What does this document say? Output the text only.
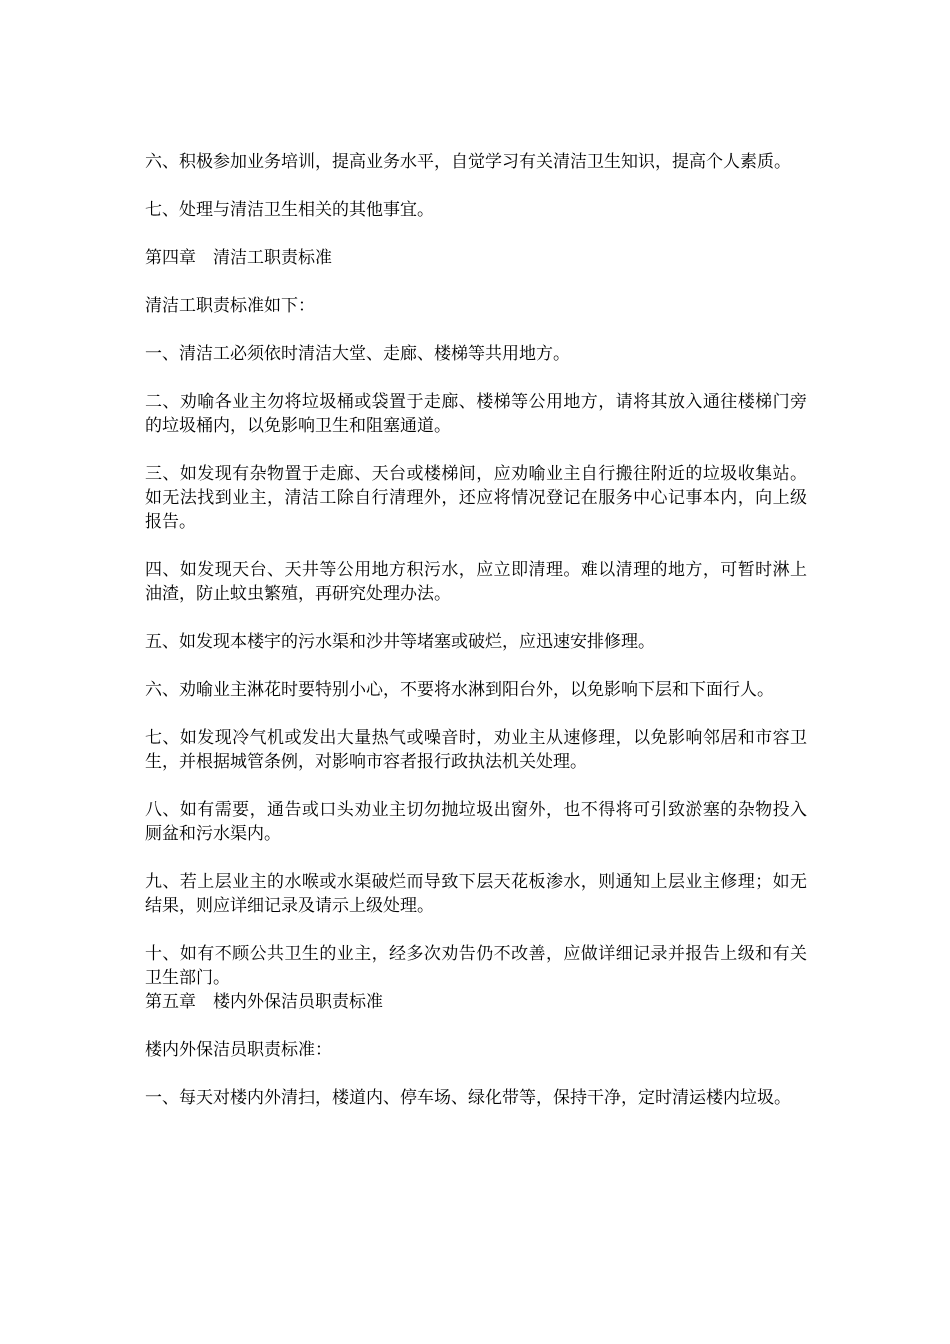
六、积极参加业务培训，提高业务水平，自觉学习有关清洁卫生知识，提高个人素质。

七、处理与清洁卫生相关的其他事宜。

第四章　清洁工职责标准

清洁工职责标准如下：

一、清洁工必须依时清洁大堂、走廊、楼梯等共用地方。

二、劝喻各业主勿将垃圾桶或袋置于走廊、楼梯等公用地方，请将其放入通往楼梯门旁的垃圾桶内，以免影响卫生和阻塞通道。

三、如发现有杂物置于走廊、天台或楼梯间，应劝喻业主自行搬往附近的垃圾收集站。如无法找到业主，清洁工除自行清理外，还应将情况登记在服务中心记事本内，向上级报告。

四、如发现天台、天井等公用地方积污水，应立即清理。难以清理的地方，可暂时淋上油渣，防止蚊虫繁殖，再研究处理办法。

五、如发现本楼宇的污水渠和沙井等堵塞或破烂，应迅速安排修理。

六、劝喻业主淋花时要特别小心，不要将水淋到阳台外，以免影响下层和下面行人。

七、如发现冷气机或发出大量热气或噪音时，劝业主从速修理，以免影响邻居和市容卫生，并根据城管条例，对影响市容者报行政执法机关处理。

八、如有需要，通告或口头劝业主切勿抛垃圾出窗外，也不得将可引致淤塞的杂物投入厕盆和污水渠内。

九、若上层业主的水喉或水渠破烂而导致下层天花板渗水，则通知上层业主修理；如无结果，则应详细记录及请示上级处理。

十、如有不顾公共卫生的业主，经多次劝告仍不改善，应做详细记录并报告上级和有关卫生部门。

第五章　楼内外保洁员职责标准

楼内外保洁员职责标准：

一、每天对楼内外清扫，楼道内、停车场、绿化带等，保持干净，定时清运楼内垃圾。
